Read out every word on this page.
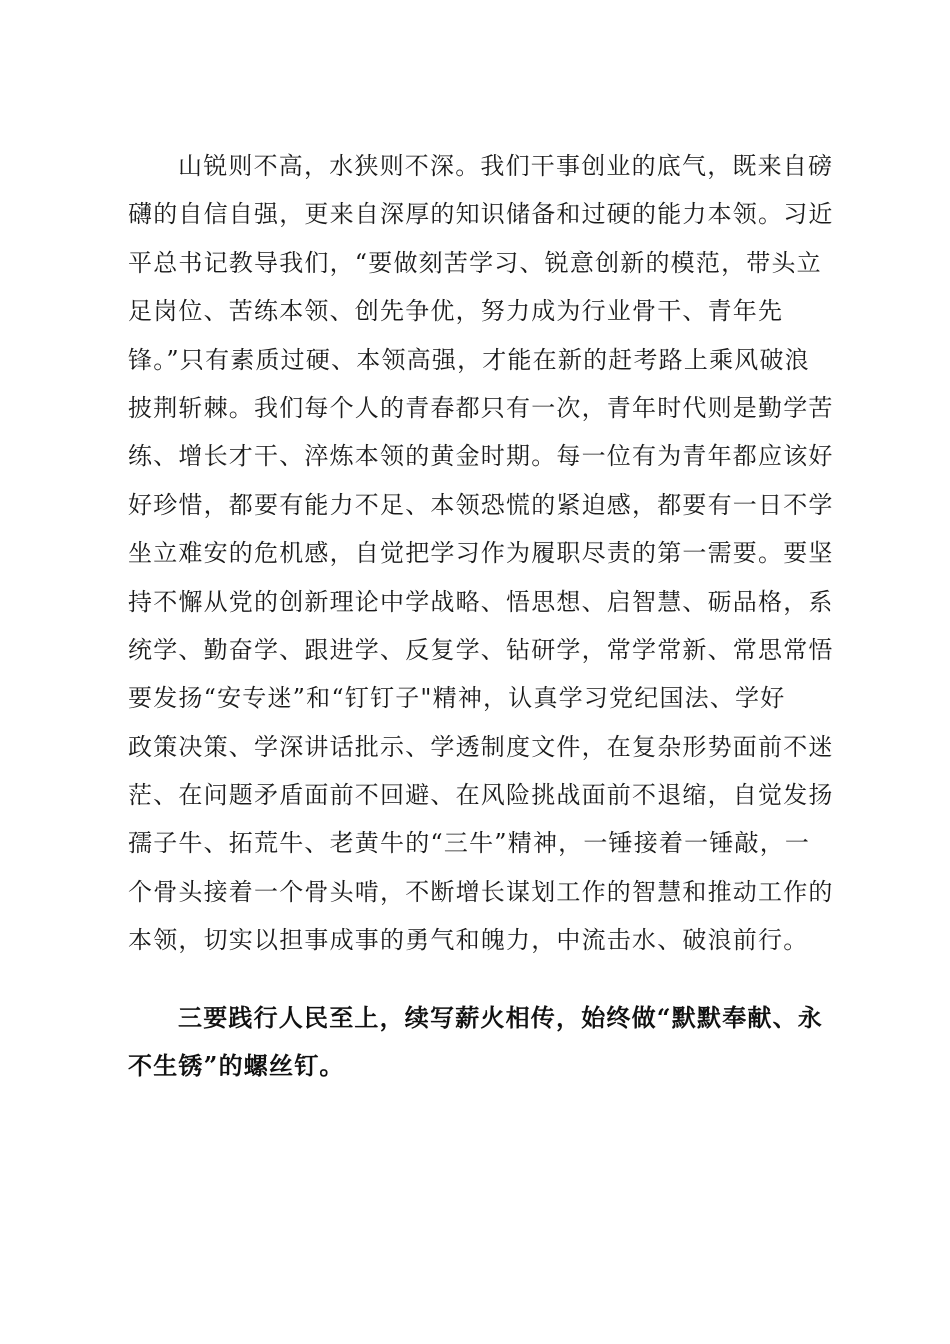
山锐则不高，水狭则不深。我们干事创业的底气，既来自磅
礴的自信自强，更来自深厚的知识储备和过硬的能力本领。习近
平总书记教导我们，“要做刻苦学习、锐意创新的模范，带头立
足岗位、苦练本领、创先争优，努力成为行业骨干、青年先
锋。”只有素质过硬、本领高强，才能在新的赶考路上乘风破浪
披荆斩棘。我们每个人的青春都只有一次，青年时代则是勤学苦
练、增长才干、淬炼本领的黄金时期。每一位有为青年都应该好
好珍惜，都要有能力不足、本领恐慌的紧迫感，都要有一日不学
坐立难安的危机感，自觉把学习作为履职尽责的第一需要。要坚
持不懈从党的创新理论中学战略、悟思想、启智慧、砺品格，系
统学、勤奋学、跟进学、反复学、钻研学，常学常新、常思常悟
要发扬“安专迷”和“钉钉子"精神，认真学习党纪国法、学好
政策决策、学深讲话批示、学透制度文件，在复杂形势面前不迷
茫、在问题矛盾面前不回避、在风险挑战面前不退缩，自觉发扬
孺子牛、拓荒牛、老黄牛的“三牛”精神，一锤接着一锤敲，一
个骨头接着一个骨头啃，不断增长谋划工作的智慧和推动工作的
本领，切实以担事成事的勇气和魄力，中流击水、破浪前行。
三要践行人民至上，续写薪火相传，始终做“默默奉献、永
不生锈”的螺丝钉。
